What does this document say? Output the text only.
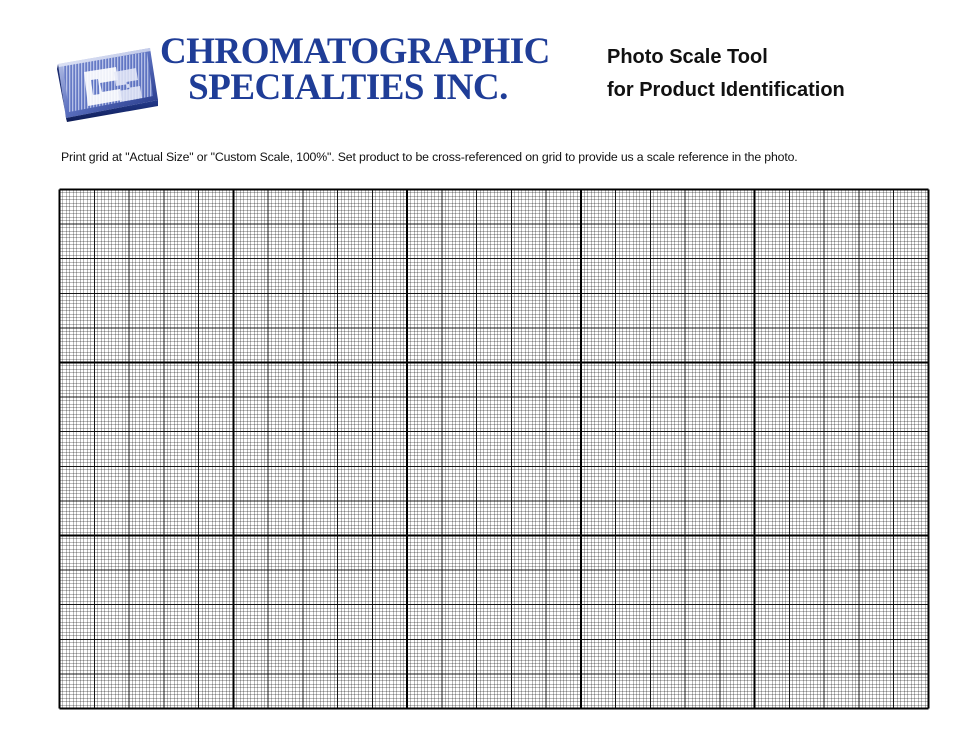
CHROMATOGRAPHIC
SPECIALTIES INC.
Photo Scale Tool
for Product Identification
Print grid at "Actual Size" or "Custom Scale, 100%". Set product to be cross-referenced on grid to provide us a scale reference in the photo.
